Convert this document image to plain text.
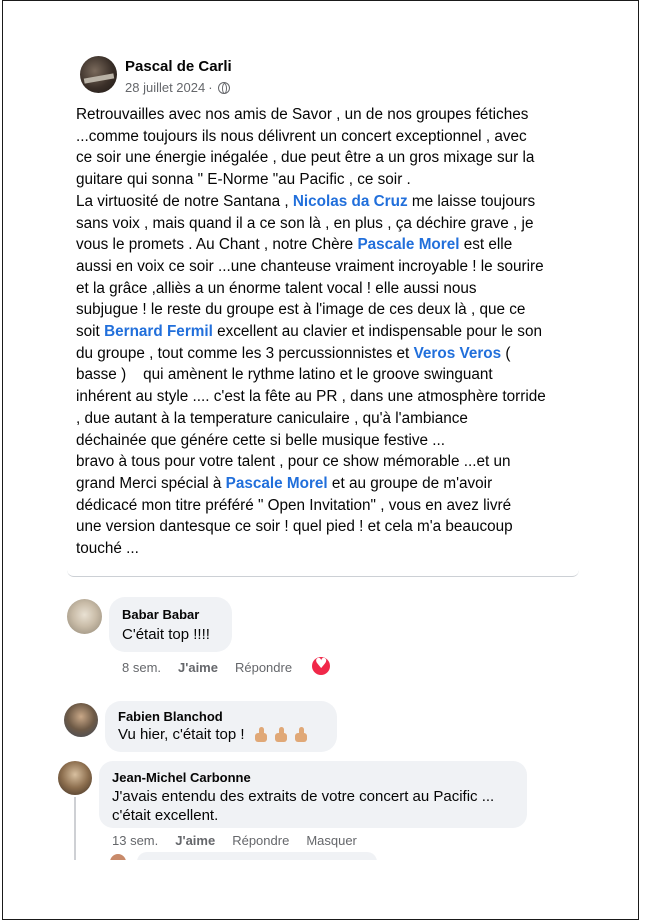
Pascal de Carli
28 juillet 2024 ·
Retrouvailles avec nos amis de Savor , un de nos groupes fétiches
...comme toujours ils nous délivrent un concert exceptionnel , avec
ce soir une énergie inégalée , due peut être a un gros mixage sur la
guitare qui sonna " E-Norme "au Pacific , ce soir .
La virtuosité de notre Santana , Nicolas da Cruz me laisse toujours
sans voix , mais quand il a ce son là , en plus , ça déchire grave , je
vous le promets . Au Chant , notre Chère Pascale Morel est elle
aussi en voix ce soir ...une chanteuse vraiment incroyable ! le sourire
et la grâce ,alliès a un énorme talent vocal ! elle aussi nous
subjugue ! le reste du groupe est à l'image de ces deux là , que ce
soit Bernard Fermil excellent au clavier et indispensable pour le son
du groupe , tout comme les 3 percussionnistes et Veros Veros (
basse )    qui amènent le rythme latino et le groove swinguant
inhérent au style .... c'est la fête au PR , dans une atmosphère torride
, due autant à la temperature caniculaire , qu'à l'ambiance
déchainée que génére cette si belle musique festive ...
bravo à tous pour votre talent , pour ce show mémorable ...et un
grand Merci spécial à Pascale Morel et au groupe de m'avoir
dédicacé mon titre préféré " Open Invitation" , vous en avez livré
une version dantesque ce soir ! quel pied ! et cela m'a beaucoup
touché ...
Babar Babar
C'était top !!!!
8 sem. J'aime Répondre
♥
Fabien Blanchod
Vu hier, c'était top !
Jean-Michel Carbonne
J'avais entendu des extraits de votre concert au Pacific ...
c'était excellent.
13 sem. J'aime Répondre Masquer
